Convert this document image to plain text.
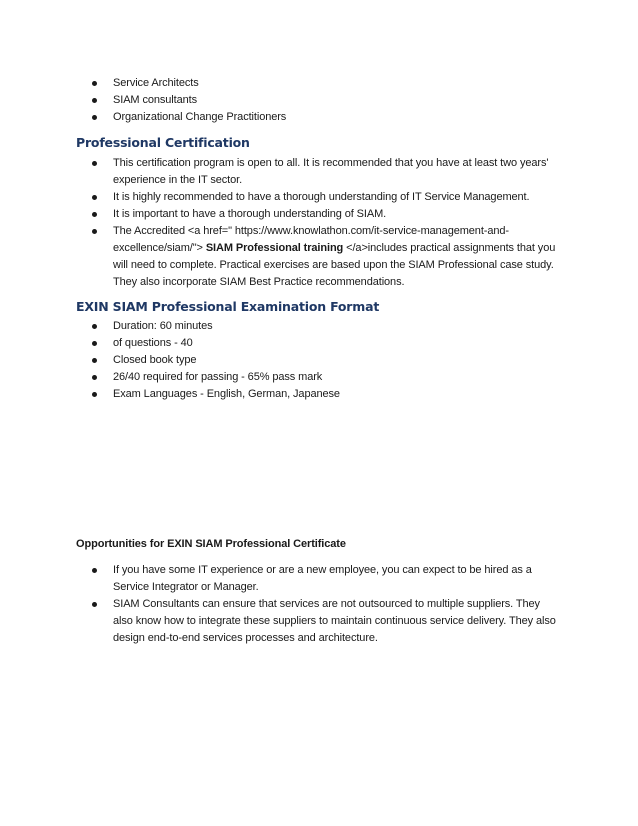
Service Architects
SIAM consultants
Organizational Change Practitioners
Professional Certification
This certification program is open to all. It is recommended that you have at least two years' experience in the IT sector.
It is highly recommended to have a thorough understanding of IT Service Management.
It is important to have a thorough understanding of SIAM.
The Accredited <a href=" https://www.knowlathon.com/it-service-management-and-excellence/siam/"> SIAM Professional training </a>includes practical assignments that you will need to complete. Practical exercises are based upon the SIAM Professional case study. They also incorporate SIAM Best Practice recommendations.
EXIN SIAM Professional Examination Format
Duration: 60 minutes
of questions - 40
Closed book type
26/40 required for passing - 65% pass mark
Exam Languages - English, German, Japanese
Opportunities for EXIN SIAM Professional Certificate
If you have some IT experience or are a new employee, you can expect to be hired as a Service Integrator or Manager.
SIAM Consultants can ensure that services are not outsourced to multiple suppliers. They also know how to integrate these suppliers to maintain continuous service delivery. They also design end-to-end services processes and architecture.
